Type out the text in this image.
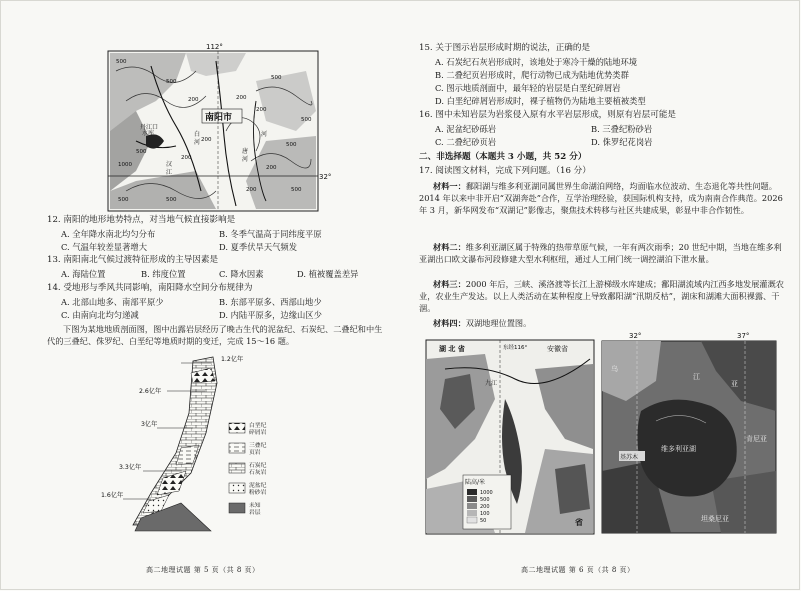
112°
32°
南阳市
500
500
200
500
200
200
1000
500
200
500
500
200
200	500
200
500
500
白
河
唐
河
汉
江
丹江口
水库	河
12. 南阳的地形地势特点，对当地气候直接影响是
A. 全年降水南北均匀分布	B. 冬季气温高于同纬度平原
C. 气温年较差显著增大	D. 夏季伏旱天气频发
13. 南阳南北气候过渡特征形成的主导因素是
A. 海陆位置	B. 纬度位置	C. 降水因素	D. 植被覆盖差异
14. 受地形与季风共同影响，南阳降水空间分布规律为
A. 北部山地多、南部平原少	B. 东部平原多、西部山地少
C. 由南向北均匀递减	D. 内陆平原多，边缘山区少
下图为某地地质剖面图，图中出露岩层经历了晚古生代的泥盆纪、石炭纪、二叠纪和中生代的三叠纪、侏罗纪、白垩纪等地质时期的变迁，完成 15～16 题。
1.2亿年
2.6亿年
3亿年
3.3亿年
1.6亿年
白垩纪
碎屑岩
三叠纪
页岩
石炭纪
石灰岩
泥盆纪
粉砂岩
未知
岩层
高二地理试题 第 5 页（共 8 页）
15. 关于图示岩层形成时期的说法，正确的是
A. 石炭纪石灰岩形成时，该地处于寒冷干燥的陆地环境
B. 二叠纪页岩形成时，爬行动物已成为陆地优势类群
C. 图示地质剖面中，最年轻的岩层是白垩纪碎屑岩
D. 白垩纪碎屑岩形成时，裸子植物仍为陆地主要植被类型
16. 图中未知岩层为岩浆侵入原有水平岩层形成，则原有岩层可能是
A. 泥盆纪砂砾岩	B. 三叠纪粉砂岩
C. 二叠纪砂页岩	D. 侏罗纪花岗岩
二、非选择题（本题共 3 小题，共 52 分）
17. 阅读图文材料，完成下列问题。（16 分）
材料一：鄱阳湖与维多利亚湖同属世界生命湖泊网络，均面临水位波动、生态退化等共性问题。2014 年以来中非开启“双湖奔赴”合作，互学治理经验，获国际机构支持，成为南南合作典范。2026 年 3 月，新华网发布“双湖记”影像志，聚焦技术转移与社区共建成果，彰显中非合作韧性。
材料二：维多利亚湖区属于特殊的热带草原气候，一年有两次雨季；20 世纪中期，当地在维多利亚湖出口欧文瀑布河段修建大型水利枢纽，通过人工闸门统一调控湖泊下泄水量。
材料三：2000 年后，三峡、溪洛渡等长江上游梯级水库建成；鄱阳湖流域内江西多地发展灌溉农业，农业生产发达。以上人类活动在某种程度上导致鄱阳湖“汛期反枯”，湖床和湖滩大面积裸露、干涸。
材料四：双湖地理位置图。
陆高/米
1000
500
200
100
50
湖 北 省	东经116°	安徽省
九江
省
32°	37°
基苏木
维多利亚湖
亚
江
坦桑尼亚
肯尼亚
乌
高二地理试题 第 6 页（共 8 页）
